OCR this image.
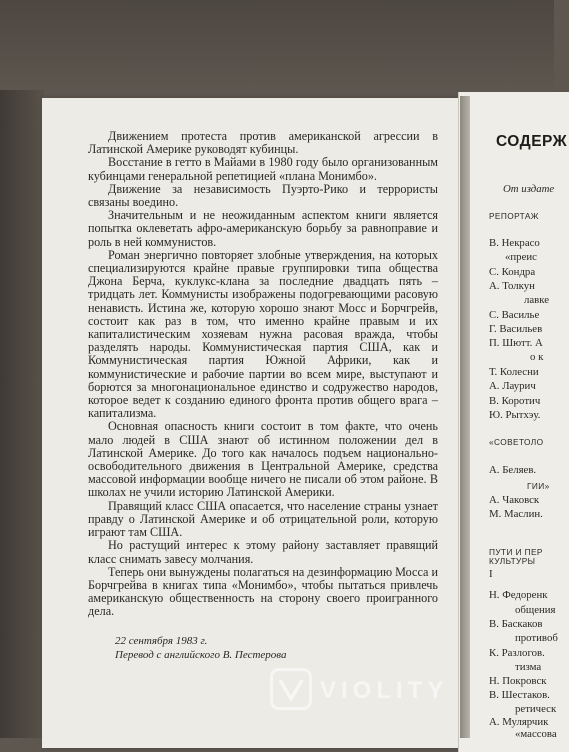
Движением протеста против американской агрессии в Латинской Америке руководят кубинцы.

Восстание в гетто в Майами в 1980 году было организованным кубинцами генеральной репетицией «плана Монимбо».

Движение за независимость Пуэрто-Рико и террористы связаны воедино.

Значительным и не неожиданным аспектом книги является попытка оклеветать афро-американскую борьбу за равноправие и роль в ней коммунистов.

Роман энергично повторяет злобные утверждения, на которых специализируются крайне правые группировки типа общества Джона Берча, куклукс-клана за последние двадцать пять – тридцать лет. Коммунисты изображены подогревающими расовую ненависть. Истина же, которую хорошо знают Мосс и Борчгрейв, состоит как раз в том, что именно крайне правым и их капиталистическим хозяевам нужна расовая вражда, чтобы разделять народы. Коммунистическая партия США, как и Коммунистическая партия Южной Африки, как и коммунистические и рабочие партии во всем мире, выступают и борются за многонациональное единство и содружество народов, которое ведет к созданию единого фронта против общего врага – капитализма.

Основная опасность книги состоит в том факте, что очень мало людей в США знают об истинном положении дел в Латинской Америке. До того как началось подъем национально-освободительного движения в Центральной Америке, средства массовой информации вообще ничего не писали об этом районе. В школах не учили историю Латинской Америки.

Правящий класс США опасается, что население страны узнает правду о Латинской Америке и об отрицательной роли, которую играют там США.

Но растущий интерес к этому району заставляет правящий класс снимать завесу молчания.

Теперь они вынуждены полагаться на дезинформацию Мосса и Борчгрейва в книгах типа «Монимбо», чтобы пытаться привлечь американскую общественность на сторону своего проигранного дела.

22 сентября 1983 г.
Перевод с английского В. Пестерова
СОДЕРЖ
От издате
РЕПОРТАЖ
В. Некрасо
«преис
С. Кондра
А. Толкун
лавке
С. Василье
Г. Васильев
П. Шютт. А
о к
Т. Колесни
А. Лаурич
В. Коротич
Ю. Рытхэу.
«СОВЕТОЛО
А. Беляев.
ГИИ»
А. Чаковск
М. Маслин.
ПУТИ И ПЕР
КУЛЬТУРЫ
I
Н. Федоренк
общения
В. Баскаков
противоб
К. Разлогов.
тизма
Н. Покровск
В. Шестаков.
ретическ
А. Мулярчик
«массова
VIOLITY
